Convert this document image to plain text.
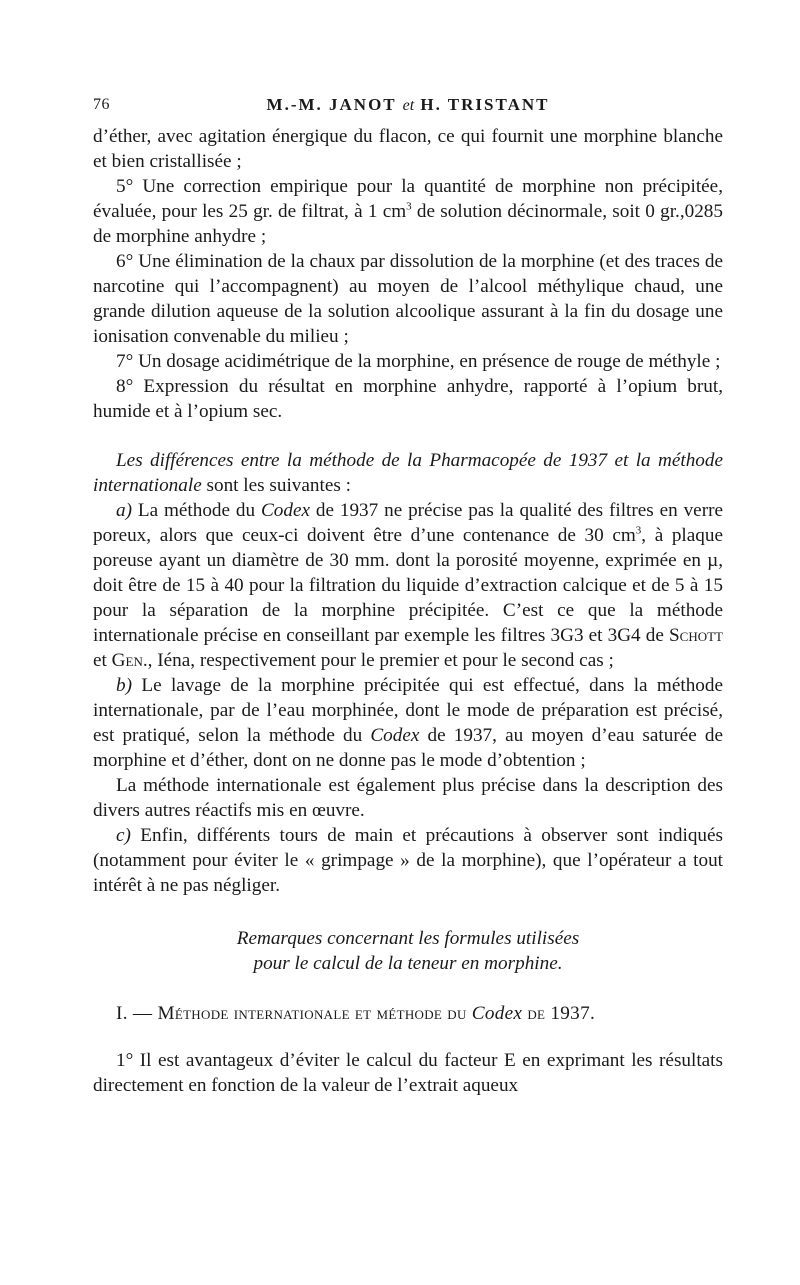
76	M.-M. JANOT et H. TRISTANT

d’éther, avec agitation énergique du flacon, ce qui fournit une morphine blanche et bien cristallisée ;

5° Une correction empirique pour la quantité de morphine non précipitée, évaluée, pour les 25 gr. de filtrat, à 1 $cm^3$ de solution décinormale, soit 0 gr.,0285 de morphine anhydre ;

6° Une élimination de la chaux par dissolution de la morphine (et des traces de narcotine qui l’accompagnent) au moyen de l’alcool méthylique chaud, une grande dilution aqueuse de la solution alcoolique assurant à la fin du dosage une ionisation convenable du milieu ;

7° Un dosage acidimétrique de la morphine, en présence de rouge de méthyle ;

8° Expression du résultat en morphine anhydre, rapporté à l’opium brut, humide et à l’opium sec.

Les différences entre la méthode de la Pharmacopée de 1937 et la méthode internationale sont les suivantes :

a) La méthode du Codex de 1937 ne précise pas la qualité des filtres en verre poreux, alors que ceux-ci doivent être d’une contenance de 30 $cm^3$, à plaque poreuse ayant un diamètre de 30 mm. dont la porosité moyenne, exprimée en µ, doit être de 15 à 40 pour la filtration du liquide d’extraction calcique et de 5 à 15 pour la séparation de la morphine précipitée. C’est ce que la méthode internationale précise en conseillant par exemple les filtres 3G3 et 3G4 de Schott et Gen., Iéna, respectivement pour le premier et pour le second cas ;

b) Le lavage de la morphine précipitée qui est effectué, dans la méthode internationale, par de l’eau morphinée, dont le mode de préparation est précisé, est pratiqué, selon la méthode du Codex de 1937, au moyen d’eau saturée de morphine et d’éther, dont on ne donne pas le mode d’obtention ;

La méthode internationale est également plus précise dans la description des divers autres réactifs mis en œuvre.

c) Enfin, différents tours de main et précautions à observer sont indiqués (notamment pour éviter le « grimpage » de la morphine), que l’opérateur a tout intérêt à ne pas négliger.

Remarques concernant les formules utilisées
pour le calcul de la teneur en morphine.

I. — Méthode internationale et méthode du Codex de 1937.

1° Il est avantageux d’éviter le calcul du facteur E en exprimant les résultats directement en fonction de la valeur de l’extrait aqueux
